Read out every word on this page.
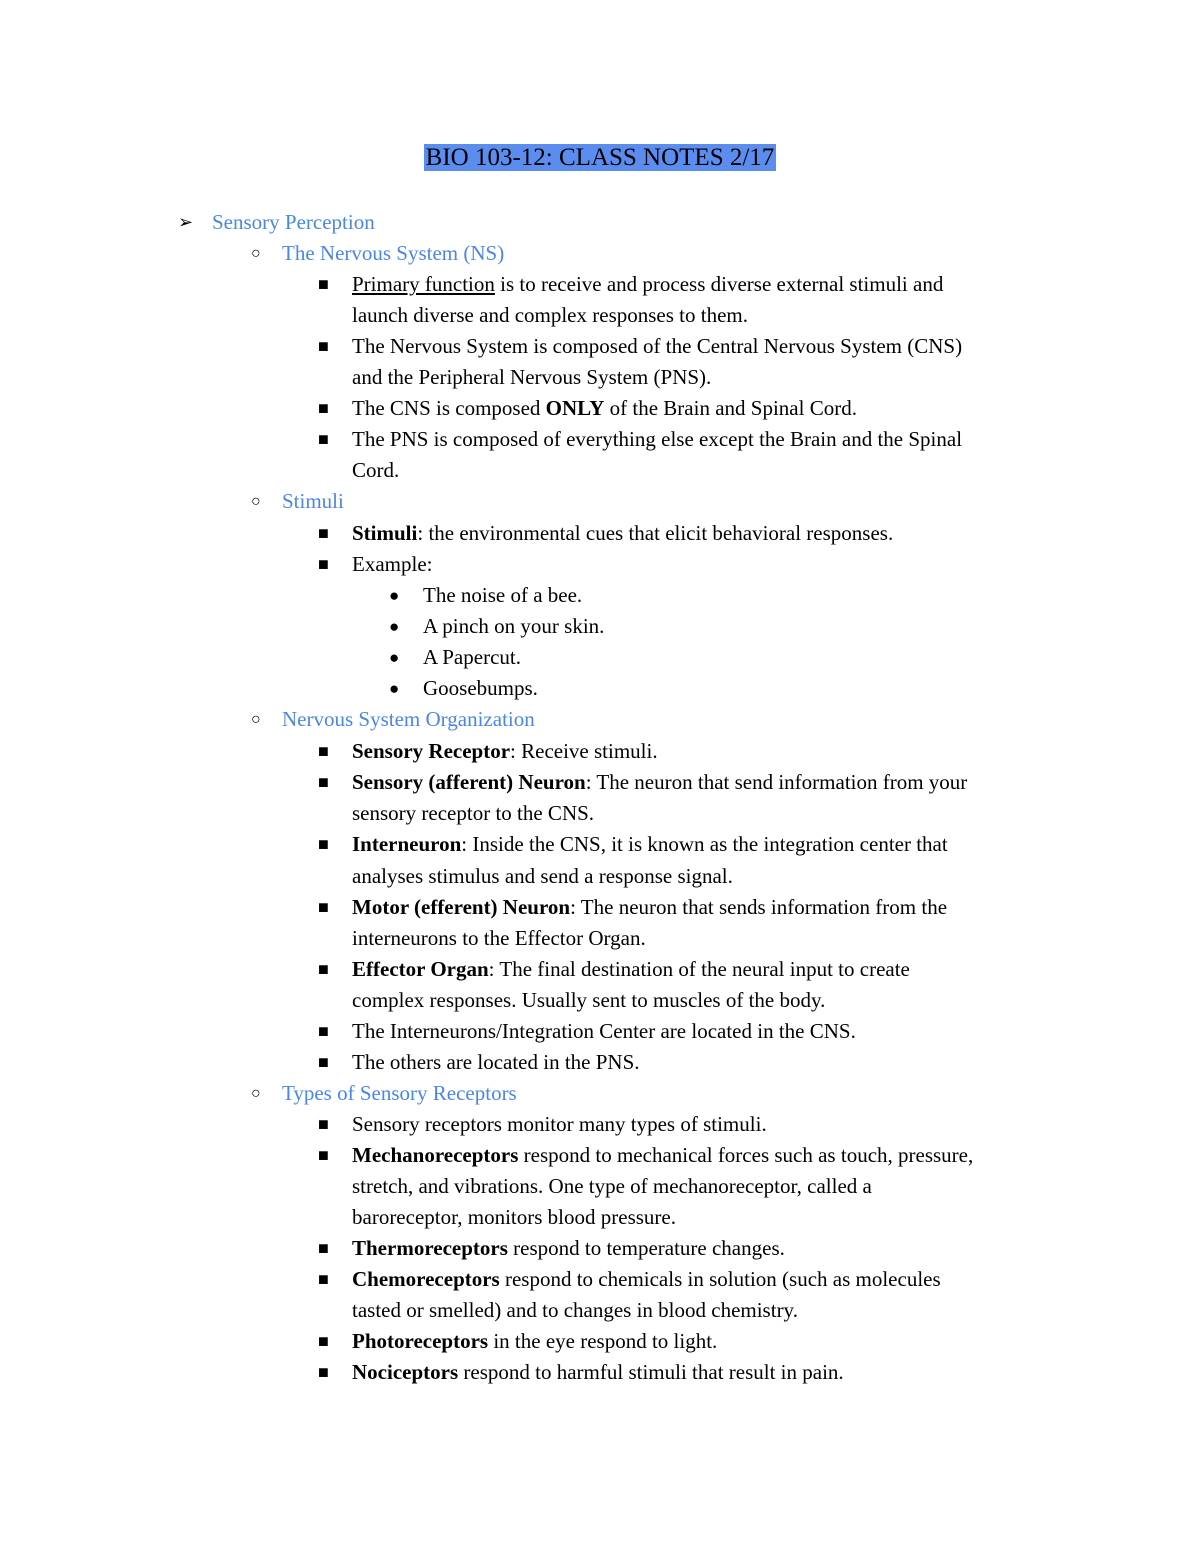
BIO 103-12: CLASS NOTES 2/17
➢ Sensory Perception
○ The Nervous System (NS)
■ Primary function is to receive and process diverse external stimuli and
launch diverse and complex responses to them.
■ The Nervous System is composed of the Central Nervous System (CNS)
and the Peripheral Nervous System (PNS).
■ The CNS is composed ONLY of the Brain and Spinal Cord.
■ The PNS is composed of everything else except the Brain and the Spinal
Cord.
○ Stimuli
■ Stimuli: the environmental cues that elicit behavioral responses.
■ Example:
● The noise of a bee.
● A pinch on your skin.
● A Papercut.
● Goosebumps.
○ Nervous System Organization
■ Sensory Receptor: Receive stimuli.
■ Sensory (afferent) Neuron: The neuron that send information from your
sensory receptor to the CNS.
■ Interneuron: Inside the CNS, it is known as the integration center that
analyses stimulus and send a response signal.
■ Motor (efferent) Neuron: The neuron that sends information from the
interneurons to the Effector Organ.
■ Effector Organ: The final destination of the neural input to create
complex responses. Usually sent to muscles of the body.
■ The Interneurons/Integration Center are located in the CNS.
■ The others are located in the PNS.
○ Types of Sensory Receptors
■ Sensory receptors monitor many types of stimuli.
■ Mechanoreceptors respond to mechanical forces such as touch, pressure,
stretch, and vibrations. One type of mechanoreceptor, called a
baroreceptor, monitors blood pressure.
■ Thermoreceptors respond to temperature changes.
■ Chemoreceptors respond to chemicals in solution (such as molecules
tasted or smelled) and to changes in blood chemistry.
■ Photoreceptors in the eye respond to light.
■ Nociceptors respond to harmful stimuli that result in pain.
